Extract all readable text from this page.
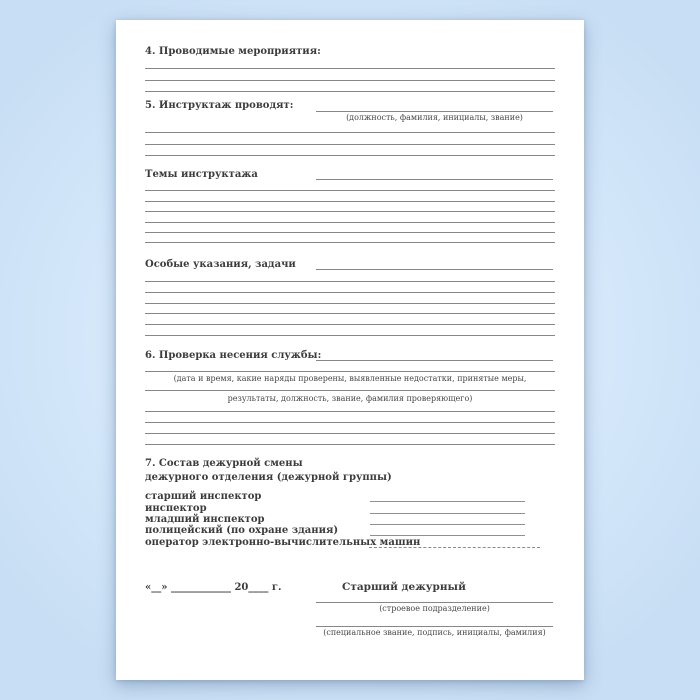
4. Проводимые мероприятия:
5. Инструктаж проводят:
(должность, фамилия, инициалы, звание)
Темы инструктажа
Особые указания, задачи
6. Проверка несения службы:
(дата и время, какие наряды проверены, выявленные недостатки, принятые меры,
результаты, должность, звание, фамилия проверяющего)
7. Состав дежурной смены
дежурного отделения (дежурной группы)
старший инспектор
инспектор
младший инспектор
полицейский (по охране здания)
оператор электронно-вычислительных машин
«__» ____________ 20____ г.	Старший дежурный
(строевое подразделение)
(специальное звание, подпись, инициалы, фамилия)
